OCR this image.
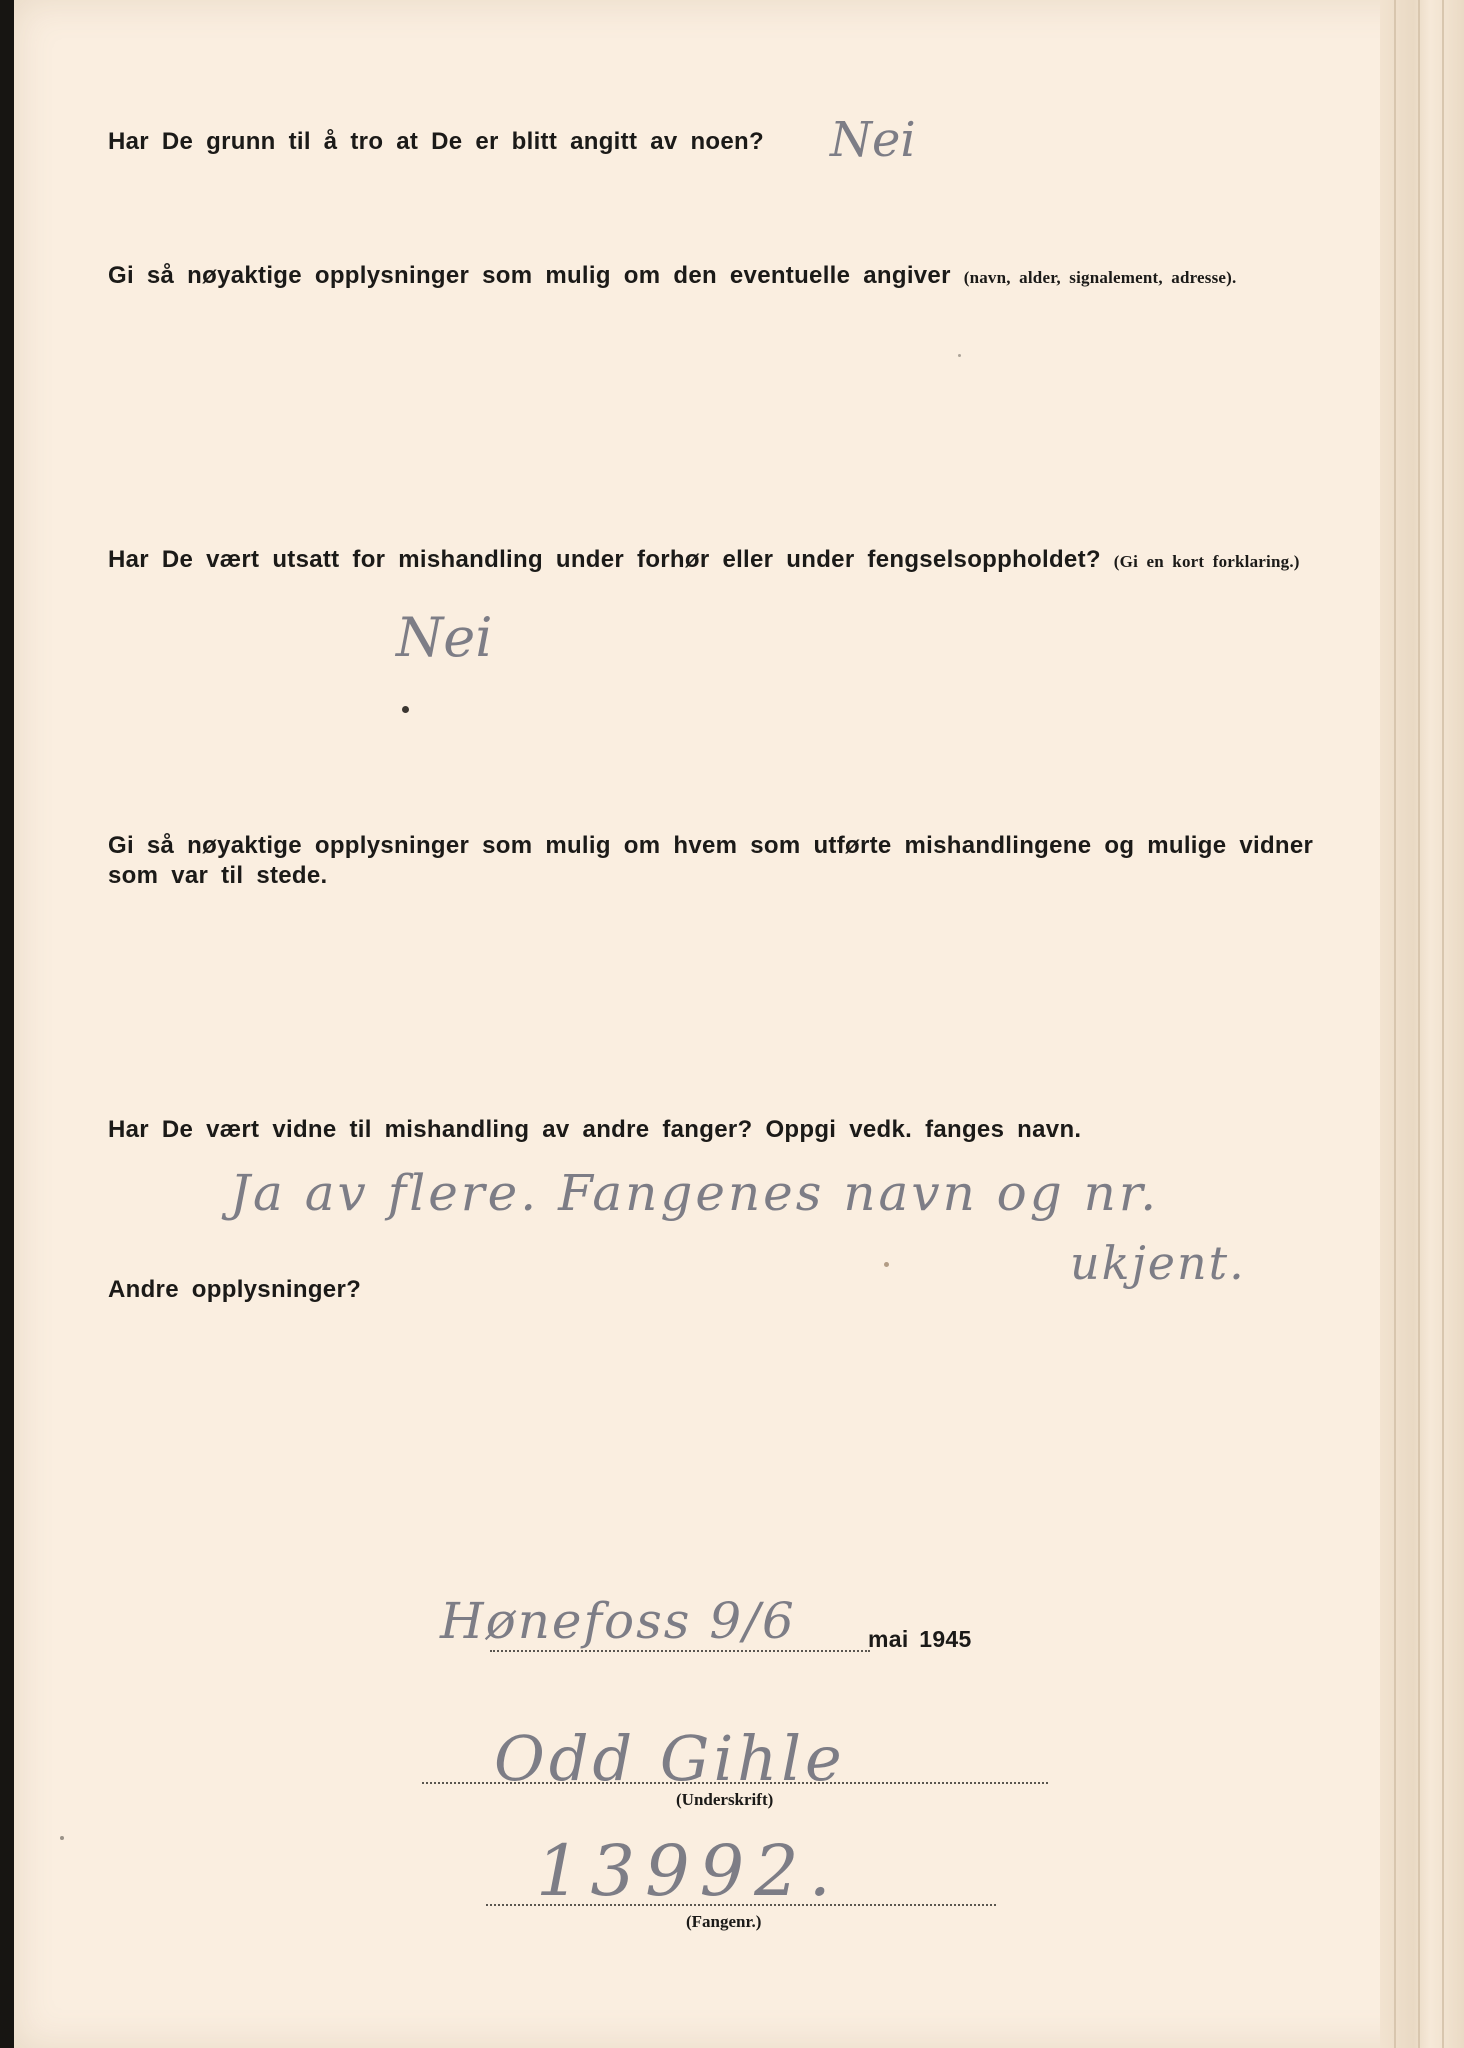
Har De grunn til å tro at De er blitt angitt av noen? Nei
Gi så nøyaktige opplysninger som mulig om den eventuelle angiver (navn, alder, signalement, adresse).
Har De vært utsatt for mishandling under forhør eller under fengselsoppholdet? (Gi en kort forklaring.)
Nei
Gi så nøyaktige opplysninger som mulig om hvem som utførte mishandlingene og mulige vidner
som var til stede.
Har De vært vidne til mishandling av andre fanger? Oppgi vedk. fanges navn.
Ja av flere. Fangenes navn og nr.
ukjent.
Andre opplysninger?
Hønefoss 9/6	mai 1945
Odd Gihle
(Underskrift)
13992.
(Fangenr.)
